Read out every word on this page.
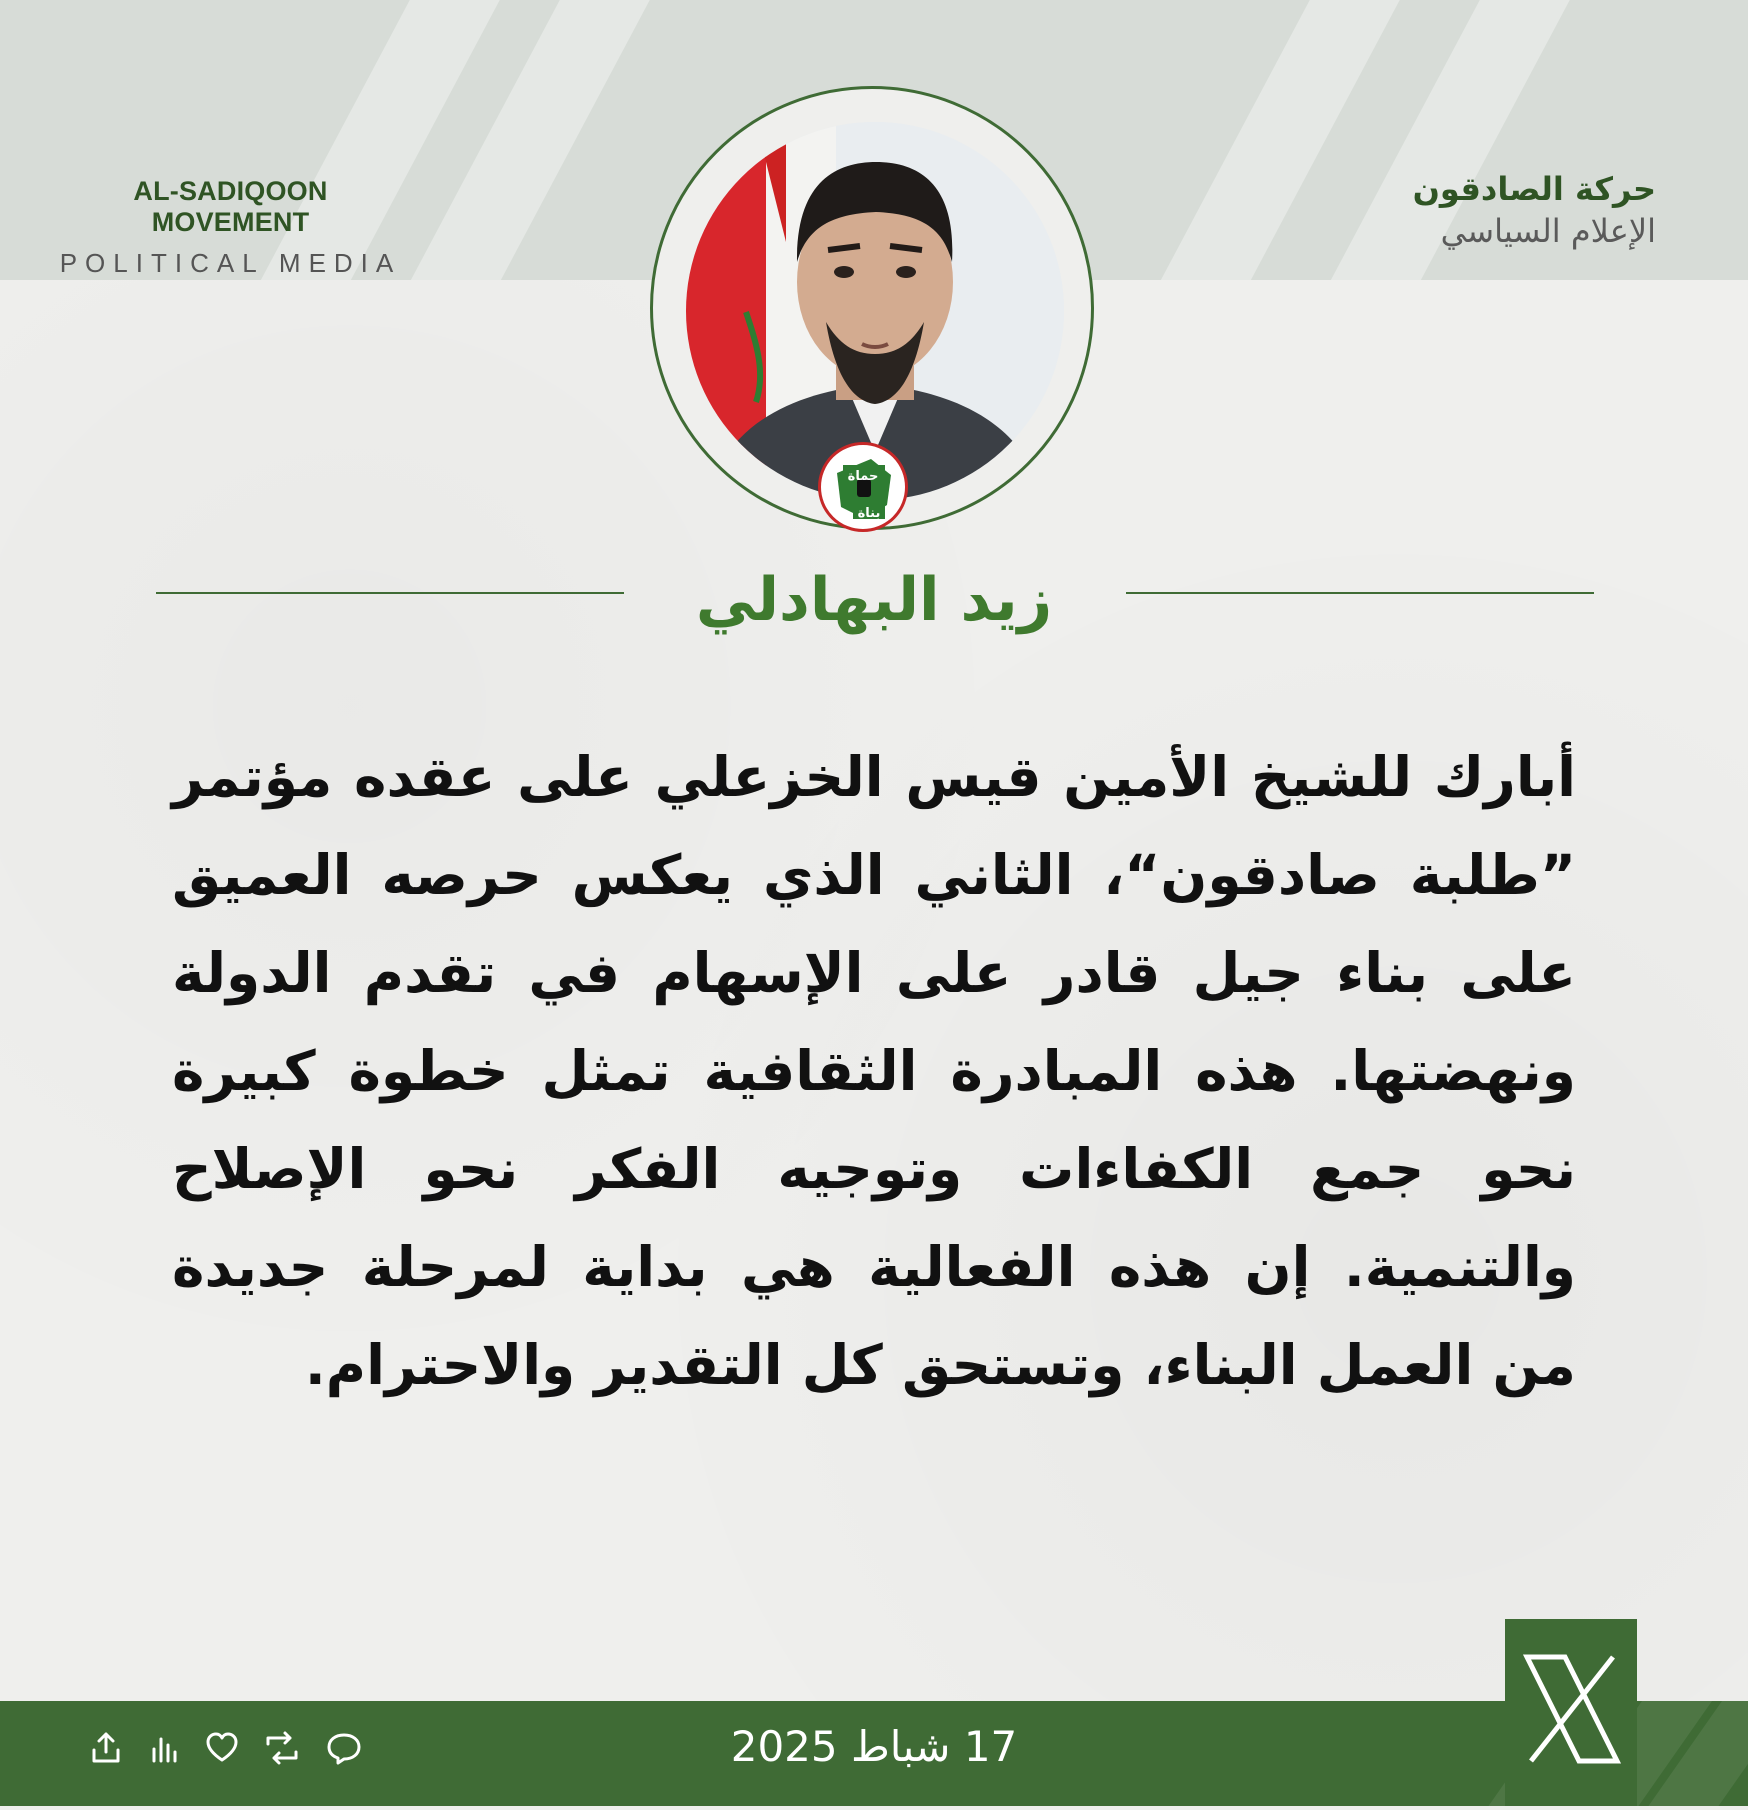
AL-SADIQOON MOVEMENT
POLITICAL MEDIA
حركة الصادقون
الإعلام السياسي
حماة
بناة
زيد البهادلي
أبارك للشيخ الأمين قيس الخزعلي على عقده مؤتمر ”طلبة صادقون“، الثاني الذي يعكس حرصه العميق على بناء جيل قادر على الإسهام في تقدم الدولة ونهضتها. هذه المبادرة الثقافية تمثل خطوة كبيرة نحو جمع الكفاءات وتوجيه الفكر نحو الإصلاح والتنمية. إن هذه الفعالية هي بداية لمرحلة جديدة من العمل البناء، وتستحق كل التقدير والاحترام.
17 شباط 2025
